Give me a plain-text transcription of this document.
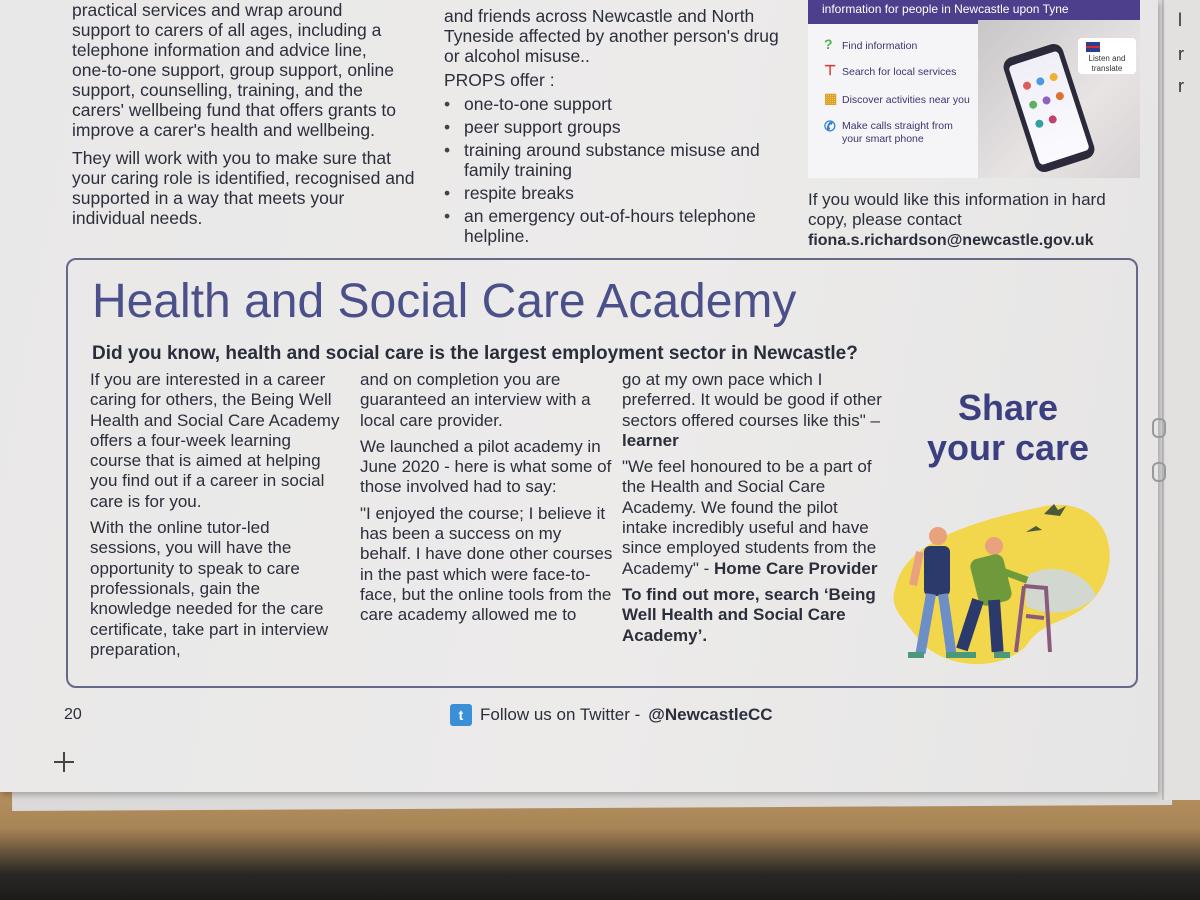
l
r
r

practical services and wrap around
support to carers of all ages, including a
telephone information and advice line,
one-to-one support, group support, online
support, counselling, training, and the
carers' wellbeing fund that offers grants to
improve a carer's health and wellbeing.

They will work with you to make sure that your caring role is identified, recognised and supported in a way that meets your individual needs.

and friends across Newcastle and North Tyneside affected by another person's drug or alcohol misuse..

PROPS offer :
• one-to-one support
• peer support groups
• training around substance misuse and family training
• respite breaks
• an emergency out-of-hours telephone helpline.
information for people in Newcastle upon Tyne
? Find information
⊤ Search for local services
▦ Discover activities near you
✆ Make calls straight from your smart phone
Listen and translate
If you would like this information in hard copy, please contact
fiona.s.richardson@newcastle.gov.uk
Health and Social Care Academy
Did you know, health and social care is the largest employment sector in Newcastle?

If you are interested in a career caring for others, the Being Well Health and Social Care Academy offers a four-week learning course that is aimed at helping you find out if a career in social care is for you.

With the online tutor-led sessions, you will have the opportunity to speak to care professionals, gain the knowledge needed for the care certificate, take part in interview preparation,

and on completion you are guaranteed an interview with a local care provider.

We launched a pilot academy in June 2020 - here is what some of those involved had to say:

"I enjoyed the course; I believe it has been a success on my behalf. I have done other courses in the past which were face-to-face, but the online tools from the care academy allowed me to

go at my own pace which I preferred. It would be good if other sectors offered courses like this" – learner

"We feel honoured to be a part of the Health and Social Care Academy. We found the pilot intake incredibly useful and have since employed students from the Academy" - Home Care Provider

To find out more, search ‘Being Well Health and Social Care Academy’.

Share
your care
20	t Follow us on Twitter - @NewcastleCC
